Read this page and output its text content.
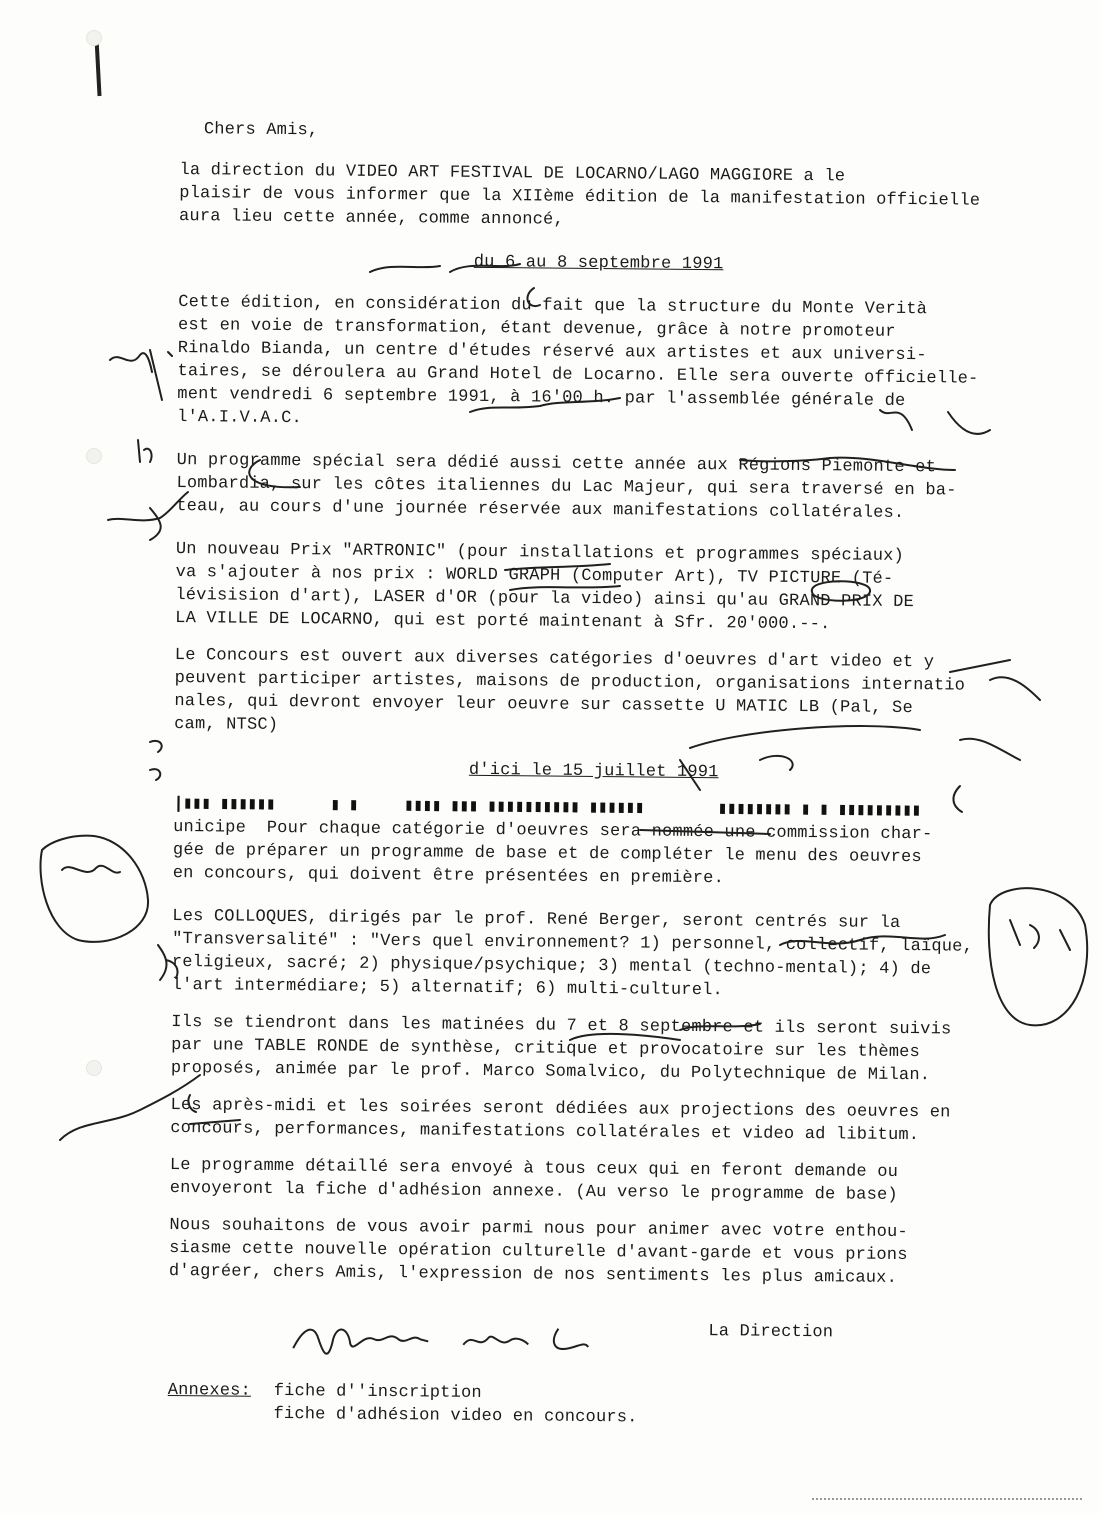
Chers Amis,

la direction du VIDEO ART FESTIVAL DE LOCARNO/LAGO MAGGIORE a le
plaisir de vous informer que la XIIème édition de la manifestation officielle
aura lieu cette année, comme annoncé,

du 6 au 8 septembre 1991

Cette édition, en considération du fait que la structure du Monte Verità
est en voie de transformation, étant devenue, grâce à notre promoteur
Rinaldo Bianda, un centre d'études réservé aux artistes et aux universi-
taires, se déroulera au Grand Hotel de Locarno. Elle sera ouverte officielle-
ment vendredi 6 septembre 1991, à 16'00 h. par l'assemblée générale de
l'A.I.V.A.C.

Un programme spécial sera dédié aussi cette année aux Régions Piemonte et
Lombardia, sur les côtes italiennes du Lac Majeur, qui sera traversé en ba-
teau, au cours d'une journée réservée aux manifestations collatérales.

Un nouveau Prix "ARTRONIC" (pour installations et programmes spéciaux)
va s'ajouter à nos prix : WORLD GRAPH (Computer Art), TV PICTURE (Té-
lévisision d'art), LASER d'OR (pour la video) ainsi qu'au GRAND PRIX DE
LA VILLE DE LOCARNO, qui est porté maintenant à Sfr. 20'000.--.

Le Concours est ouvert aux diverses catégories d'oeuvres d'art video et y
peuvent participer artistes, maisons de production, organisations internatio
nales, qui devront envoyer leur oeuvre sur cassette U MATIC LB (Pal, Se
cam, NTSC)

d'ici le 15 juillet 1991

|▮▮▮ ▮▮▮▮▮▮      ▮ ▮     ▮▮▮▮ ▮▮▮ ▮▮▮▮▮▮▮▮▮▮ ▮▮▮▮▮▮        ▮▮▮▮▮▮▮▮ ▮ ▮ ▮▮▮▮▮▮▮▮▮

unicipe  Pour chaque catégorie d'oeuvres sera nommée une commission char-

gée de préparer un programme de base et de compléter le menu des oeuvres
en concours, qui doivent être présentées en première.

Les COLLOQUES, dirigés par le prof. René Berger, seront centrés sur la
"Transversalité" : "Vers quel environnement? 1) personnel, collectif, laïque,
religieux, sacré; 2) physique/psychique; 3) mental (techno-mental); 4) de
l'art intermédiare; 5) alternatif; 6) multi-culturel.

Ils se tiendront dans les matinées du 7 et 8 septembre et ils seront suivis
par une TABLE RONDE de synthèse, critique et provocatoire sur les thèmes
proposés, animée par le prof. Marco Somalvico, du Polytechnique de Milan.

Les après-midi et les soirées seront dédiées aux projections des oeuvres en
concours, performances, manifestations collatérales et video ad libitum.

Le programme détaillé sera envoyé à tous ceux qui en feront demande ou
envoyeront la fiche d'adhésion annexe. (Au verso le programme de base)

Nous souhaitons de vous avoir parmi nous pour animer avec votre enthou-
siasme cette nouvelle opération culturelle d'avant-garde et vous prions
d'agréer, chers Amis, l'expression de nos sentiments les plus amicaux.

La Direction
Annexes: fiche d''inscription
fiche d'adhésion video en concours.
